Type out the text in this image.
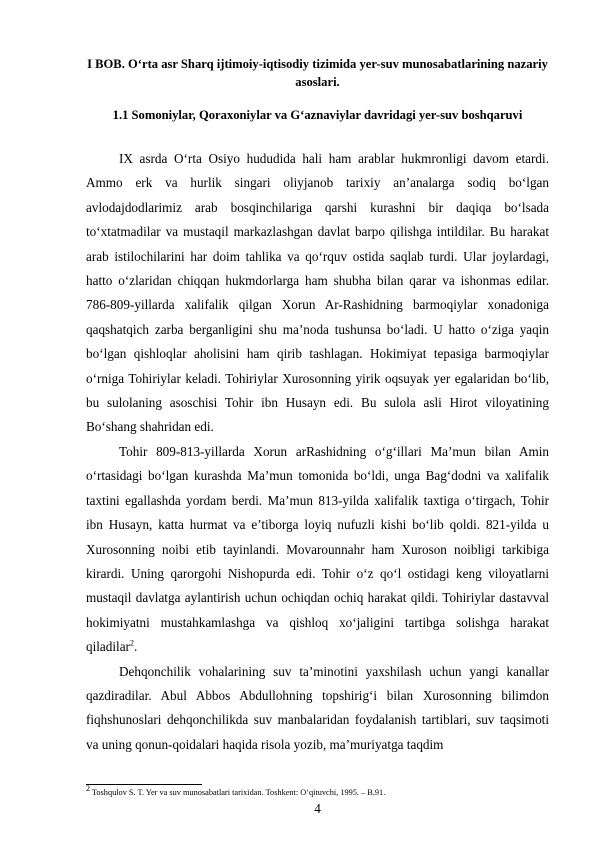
I BOB. O‘rta asr Sharq ijtimoiy-iqtisodiy tizimida yer-suv munosabatlarining nazariy asoslari.
1.1 Somoniylar, Qoraxoniylar va G‘aznaviylar davridagi yer-suv boshqaruvi

IX asrda O‘rta Osiyo hududida hali ham arablar hukmronligi davom etardi. Ammo erk va hurlik singari oliyjanob tarixiy an’analarga sodiq bo‘lgan avlodajdodlarimiz arab bosqinchilariga qarshi kurashni bir daqiqa bo‘lsada to‘xtatmadilar va mustaqil markazlashgan davlat barpo qilishga intildilar. Bu harakat arab istilochilarini har doim tahlika va qo‘rquv ostida saqlab turdi. Ular joylardagi, hatto o‘zlaridan chiqqan hukmdorlarga ham shubha bilan qarar va ishonmas edilar. 786-809-yillarda xalifalik qilgan Xorun Ar-Rashidning barmoqiylar xonadoniga qaqshatqich zarba berganligini shu ma’noda tushunsa bo‘ladi. U hatto o‘ziga yaqin bo‘lgan qishloqlar aholisini ham qirib tashlagan. Hokimiyat tepasiga barmoqiylar o‘rniga Tohiriylar keladi. Tohiriylar Xurosonning yirik oqsuyak yer egalaridan bo‘lib, bu sulolaning asoschisi Tohir ibn Husayn edi. Bu sulola asli Hirot viloyatining Bo‘shang shahridan edi.

Tohir 809-813-yillarda Xorun arRashidning o‘g‘illari Ma’mun bilan Amin o‘rtasidagi bo‘lgan kurashda Ma’mun tomonida bo‘ldi, unga Bag‘dodni va xalifalik taxtini egallashda yordam berdi. Ma’mun 813-yilda xalifalik taxtiga o‘tirgach, Tohir ibn Husayn, katta hurmat va e’tiborga loyiq nufuzli kishi bo‘lib qoldi. 821-yilda u Xurosonning noibi etib tayinlandi. Movarounnahr ham Xuroson noibligi tarkibiga kirardi. Uning qarorgohi Nishopurda edi. Tohir o‘z qo‘l ostidagi keng viloyatlarni mustaqil davlatga aylantirish uchun ochiqdan ochiq harakat qildi. Tohiriylar dastavval hokimiyatni mustahkamlashga va qishloq xo‘jaligini tartibga solishga harakat qiladilar$^2$.

Dehqonchilik vohalarining suv ta’minotini yaxshilash uchun yangi kanallar qazdiradilar. Abul Abbos Abdullohning topshirig‘i bilan Xurosonning bilimdon fiqhshunoslari dehqonchilikda suv manbalaridan foydalanish tartiblari, suv taqsimoti va uning qonun-qoidalari haqida risola yozib, ma’muriyatga taqdim

$^2$ Toshqulov S. T. Yer va suv munosabatlari tarixidan. Toshkent: O‘qituvchi, 1995. – B.91.
4
